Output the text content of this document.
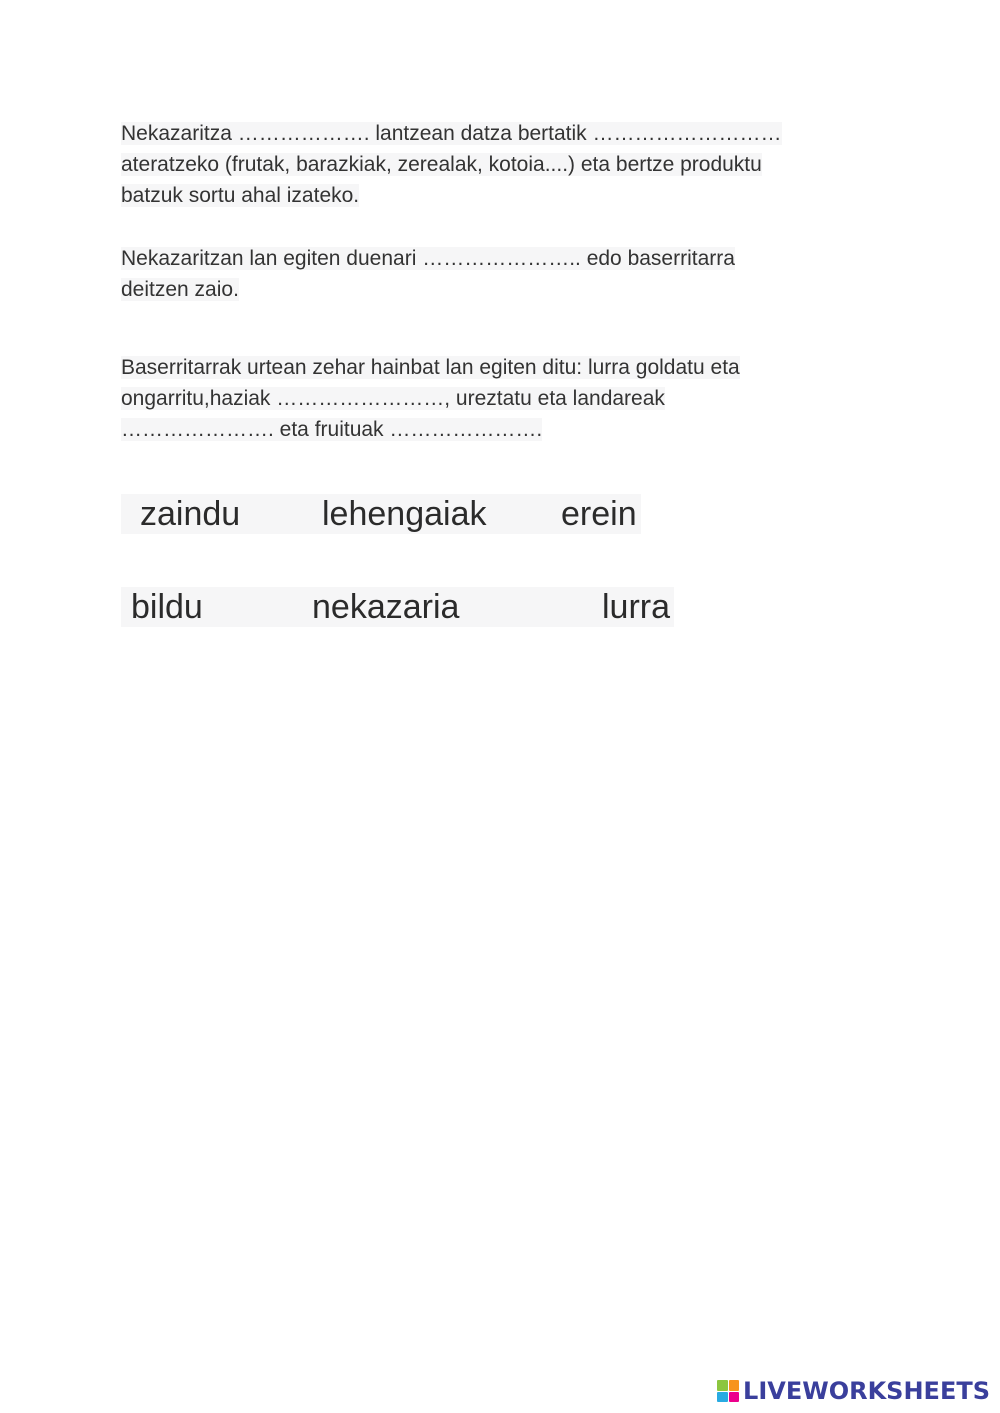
Nekazaritza ………………. lantzean datza bertatik ………………………
ateratzeko (frutak, barazkiak, zerealak, kotoia....) eta bertze produktu
batzuk sortu ahal izateko.
Nekazaritzan lan egiten duenari ………………….. edo baserritarra
deitzen zaio.
Baserritarrak urtean zehar hainbat lan egiten ditu: lurra goldatu eta
ongarritu,haziak ……………………, ureztatu eta landareak
…………………. eta fruituak ………………….
zaindu lehengaiak erein
bildu	nekazaria	lurra
LIVEWORKSHEETS
